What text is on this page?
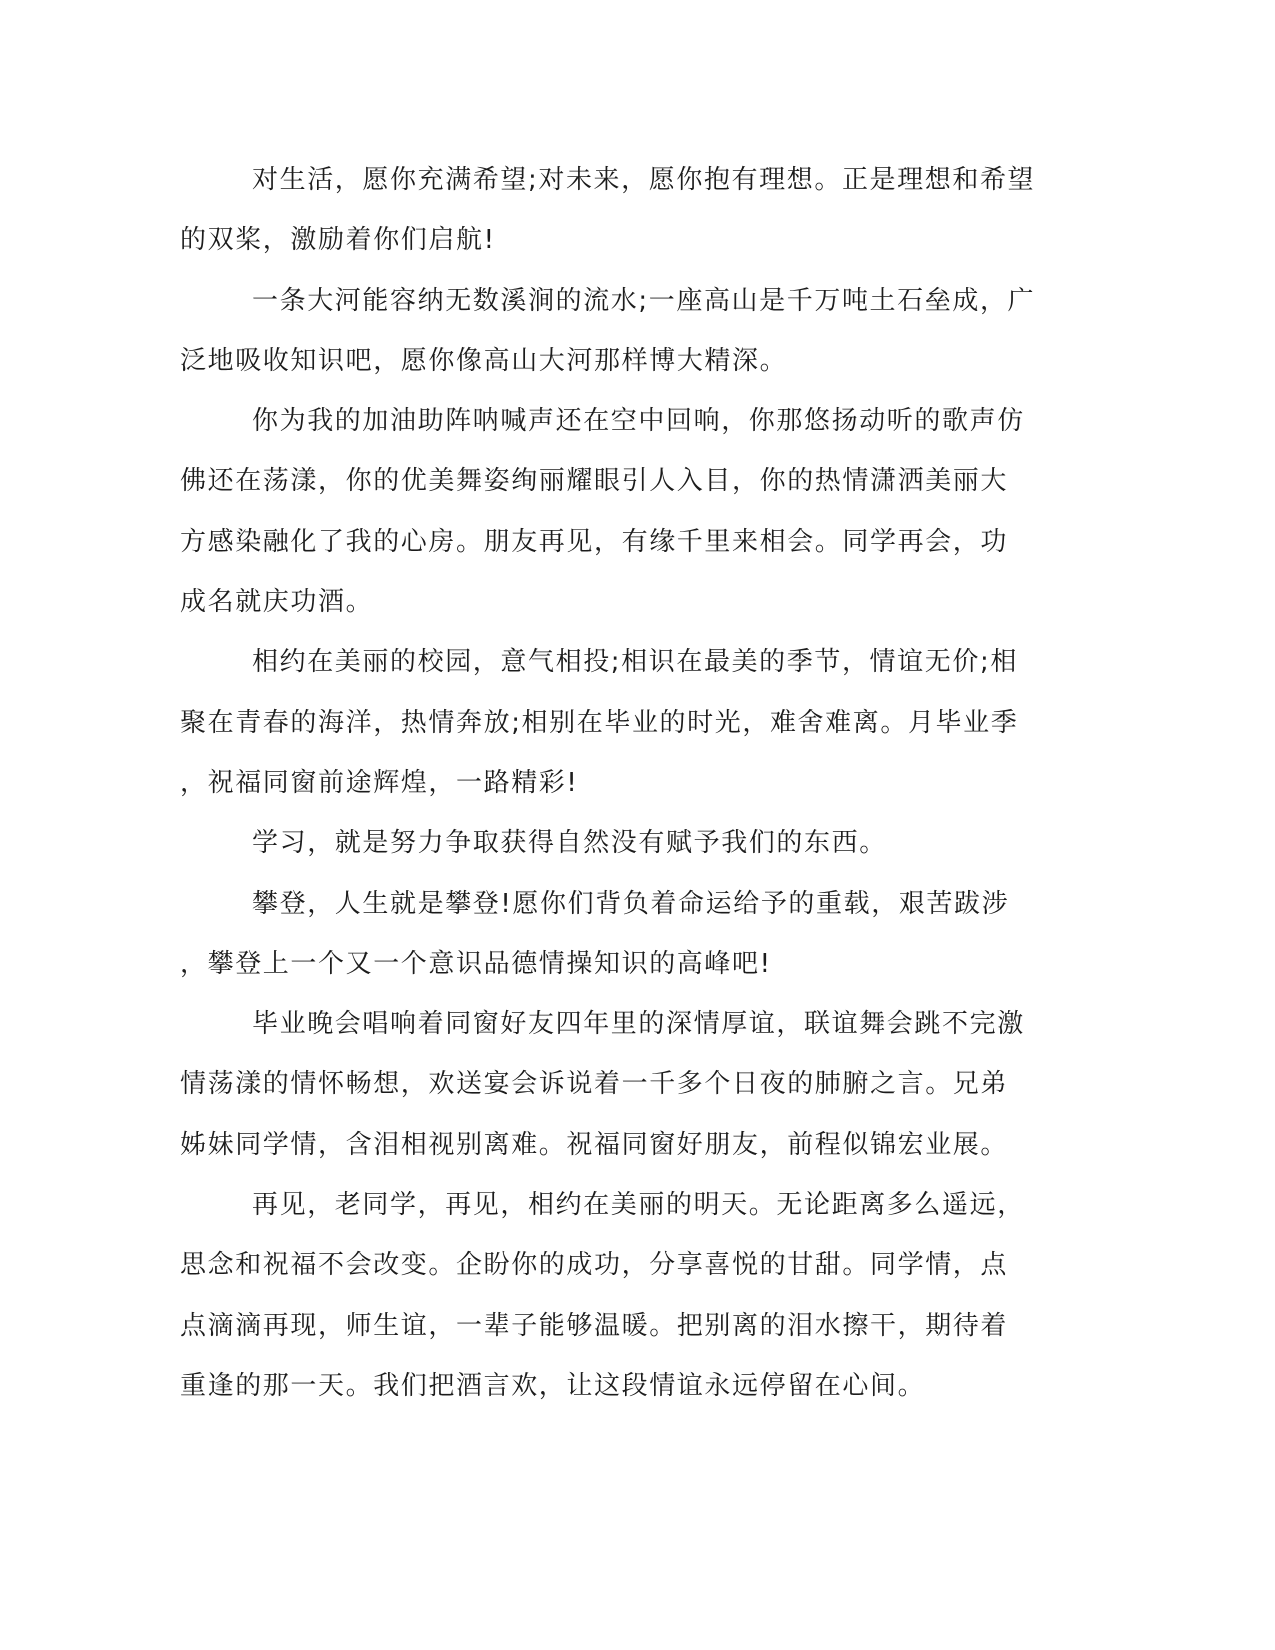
对生活，愿你充满希望;对未来，愿你抱有理想。正是理想和希望
的双桨，激励着你们启航!
一条大河能容纳无数溪涧的流水;一座高山是千万吨土石垒成，广
泛地吸收知识吧，愿你像高山大河那样博大精深。
你为我的加油助阵呐喊声还在空中回响，你那悠扬动听的歌声仿
佛还在荡漾，你的优美舞姿绚丽耀眼引人入目，你的热情潇洒美丽大
方感染融化了我的心房。朋友再见，有缘千里来相会。同学再会，功
成名就庆功酒。
相约在美丽的校园，意气相投;相识在最美的季节，情谊无价;相
聚在青春的海洋，热情奔放;相别在毕业的时光，难舍难离。月毕业季
，祝福同窗前途辉煌，一路精彩!
学习，就是努力争取获得自然没有赋予我们的东西。
攀登，人生就是攀登!愿你们背负着命运给予的重载，艰苦跋涉
，攀登上一个又一个意识品德情操知识的高峰吧!
毕业晚会唱响着同窗好友四年里的深情厚谊，联谊舞会跳不完激
情荡漾的情怀畅想，欢送宴会诉说着一千多个日夜的肺腑之言。兄弟
姊妹同学情，含泪相视别离难。祝福同窗好朋友，前程似锦宏业展。
再见，老同学，再见，相约在美丽的明天。无论距离多么遥远，
思念和祝福不会改变。企盼你的成功，分享喜悦的甘甜。同学情，点
点滴滴再现，师生谊，一辈子能够温暖。把别离的泪水擦干，期待着
重逢的那一天。我们把酒言欢，让这段情谊永远停留在心间。
